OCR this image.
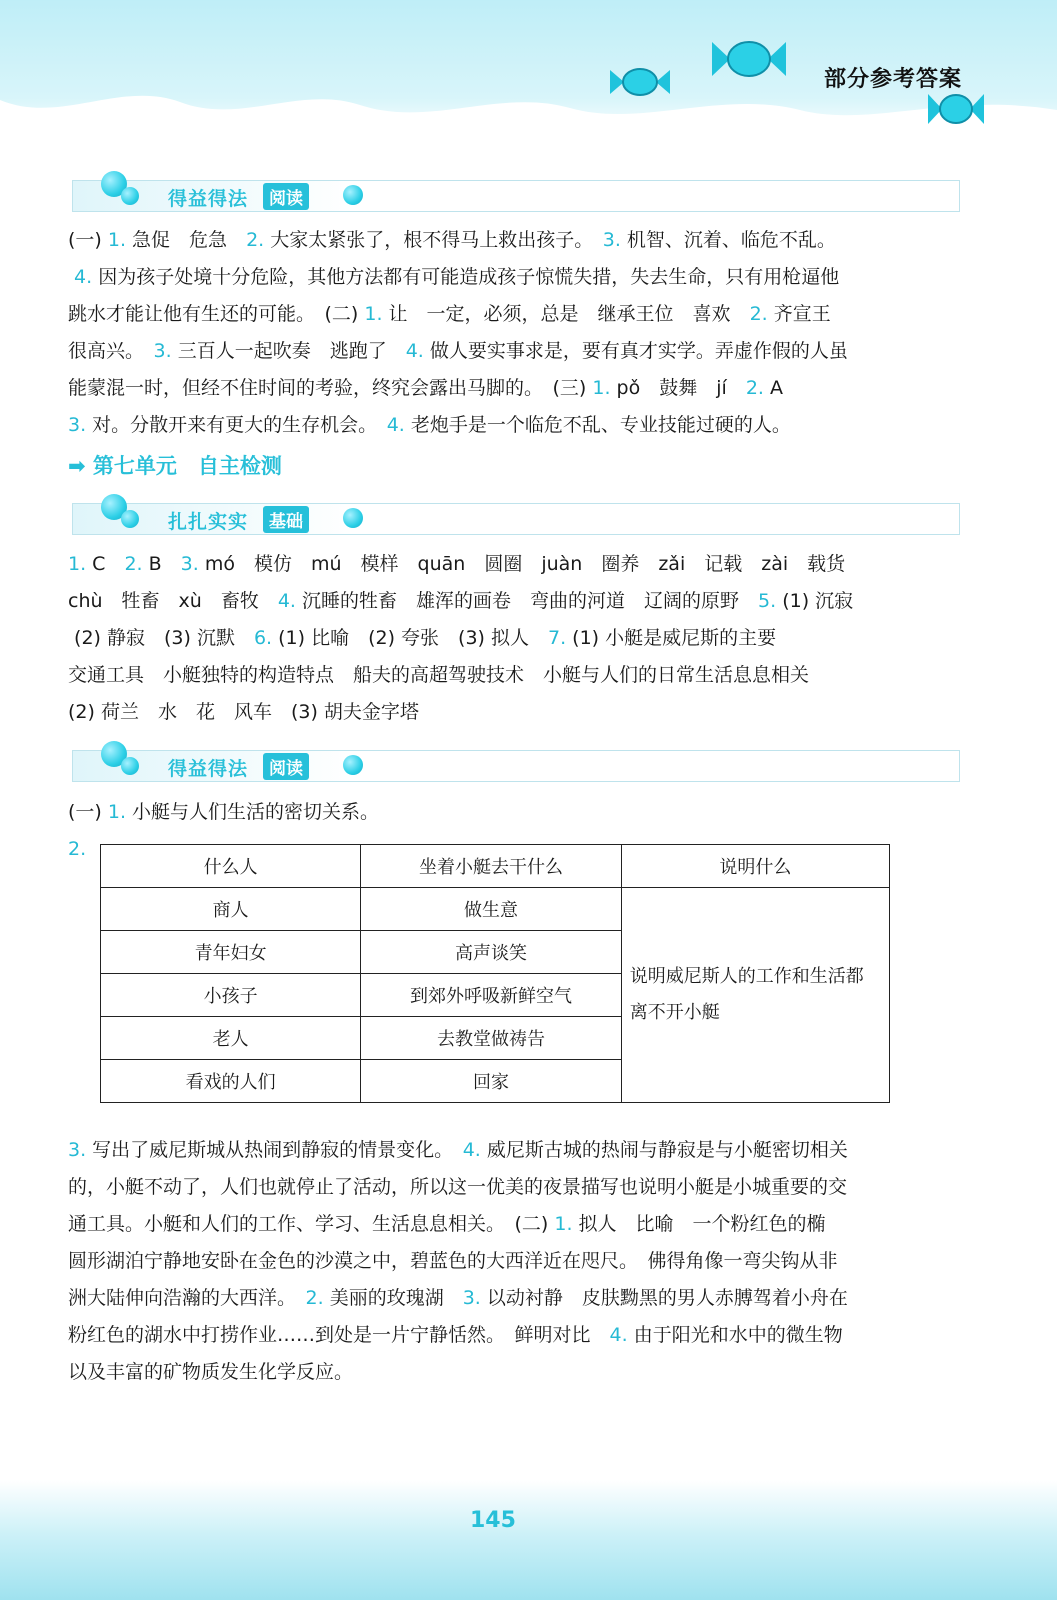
部分参考答案
得益得法	阅读
(一) 1. 急促　危急　2. 大家太紧张了，根不得马上救出孩子。　3. 机智、沉着、临危不乱。
4. 因为孩子处境十分危险，其他方法都有可能造成孩子惊慌失措，失去生命，只有用枪逼他
跳水才能让他有生还的可能。　(二) 1. 让　一定，必须，总是　继承王位　喜欢　2. 齐宣王
很高兴。　3. 三百人一起吹奏　逃跑了　4. 做人要实事求是，要有真才实学。弄虚作假的人虽
能蒙混一时，但经不住时间的考验，终究会露出马脚的。　(三) 1. pǒ　鼓舞　jí　2. A
3. 对。分散开来有更大的生存机会。　4. 老炮手是一个临危不乱、专业技能过硬的人。
➡ 第七单元　自主检测
扎扎实实	基础
1. C　2. B　3. mó　模仿　mú　模样　quān　圆圈　juàn　圈养　zǎi　记载　zài　载货
chù　牲畜　xù　畜牧　4. 沉睡的牲畜　雄浑的画卷　弯曲的河道　辽阔的原野　5. (1) 沉寂
(2) 静寂　(3) 沉默　6. (1) 比喻　(2) 夸张　(3) 拟人　7. (1) 小艇是威尼斯的主要
交通工具　小艇独特的构造特点　船夫的高超驾驶技术　小艇与人们的日常生活息息相关
(2) 荷兰　水　花　风车　(3) 胡夫金字塔
得益得法	阅读
(一) 1. 小艇与人们生活的密切关系。
2.
什么人	坐着小艇去干什么	说明什么
商人	做生意	说明威尼斯人的工作和生活都离不开小艇
青年妇女	高声谈笑	
小孩子	到郊外呼吸新鲜空气	
老人	去教堂做祷告	
看戏的人们	回家	
3. 写出了威尼斯城从热闹到静寂的情景变化。　4. 威尼斯古城的热闹与静寂是与小艇密切相关
的，小艇不动了，人们也就停止了活动，所以这一优美的夜景描写也说明小艇是小城重要的交
通工具。小艇和人们的工作、学习、生活息息相关。　(二) 1. 拟人　比喻　一个粉红色的椭
圆形湖泊宁静地安卧在金色的沙漠之中，碧蓝色的大西洋近在咫尺。　佛得角像一弯尖钩从非
洲大陆伸向浩瀚的大西洋。　2. 美丽的玫瑰湖　3. 以动衬静　皮肤黝黑的男人赤膊驾着小舟在
粉红色的湖水中打捞作业……到处是一片宁静恬然。　鲜明对比　4. 由于阳光和水中的微生物
以及丰富的矿物质发生化学反应。
145
